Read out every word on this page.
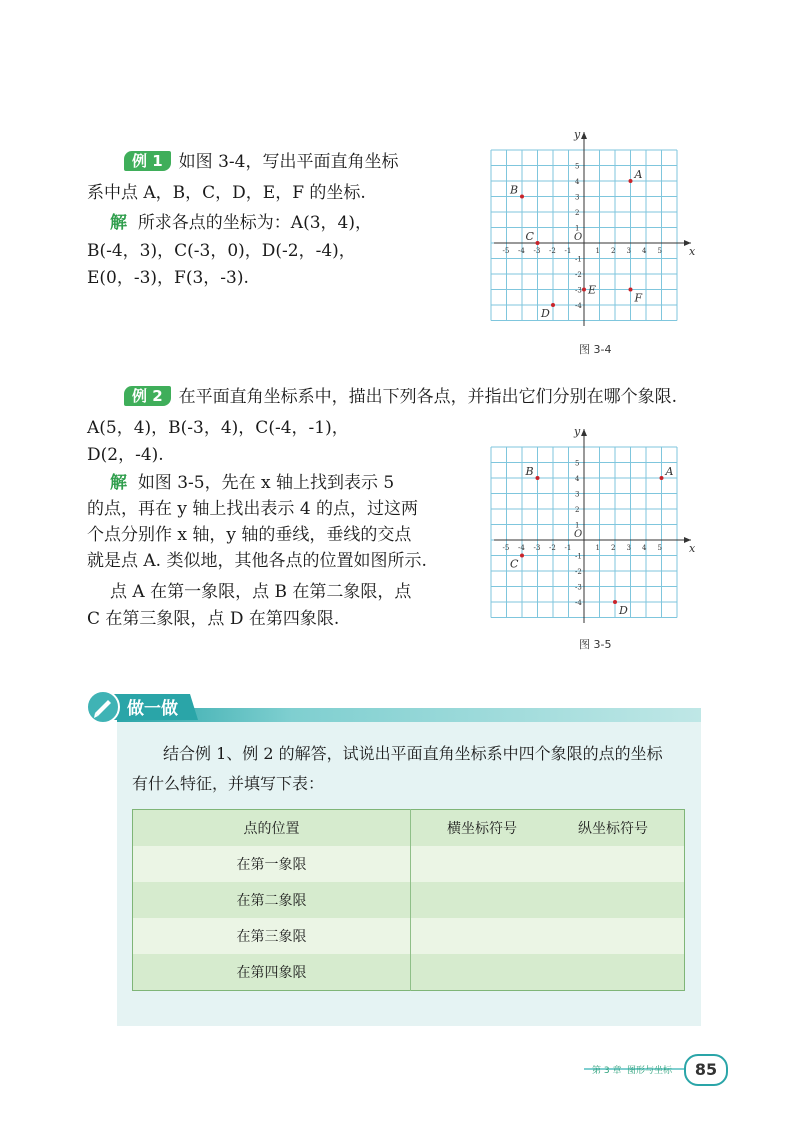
例 1 如图 3-4，写出平面直角坐标
系中点 A，B，C，D，E，F 的坐标.
解 所求各点的坐标为：A(3，4)，
B(-4，3)，C(-3，0)，D(-2，-4)，
E(0，-3)，F(3，-3).
x
y
O
-5 -4 -3 -2 -1	1 2 3 4 5
5
4
3
2
1
-1
-2
-3
-4
A
B
C
D
E
F
图 3-4
例 2 在平面直角坐标系中，描出下列各点，并指出它们分别在哪个象限.
A(5，4)，B(-3，4)，C(-4，-1)，
D(2，-4).
解 如图 3-5，先在 x 轴上找到表示 5
的点，再在 y 轴上找出表示 4 的点，过这两
个点分别作 x 轴，y 轴的垂线，垂线的交点
就是点 A. 类似地，其他各点的位置如图所示.
点 A 在第一象限，点 B 在第二象限，点
C 在第三象限，点 D 在第四象限.
x
y
O
-5 -4 -3 -2 -1	1 2 3 4 5
5
4
3
2
1
-1
-2
-3
-4
A
B
C
D
图 3-5
做一做
结合例 1、例 2 的解答，试说出平面直角坐标系中四个象限的点的坐标
有什么特征，并填写下表：
点的位置	横坐标符号 纵坐标符号
在第一象限	
在第二象限	
在第三象限	
在第四象限	
第 3 章 图形与坐标	85
